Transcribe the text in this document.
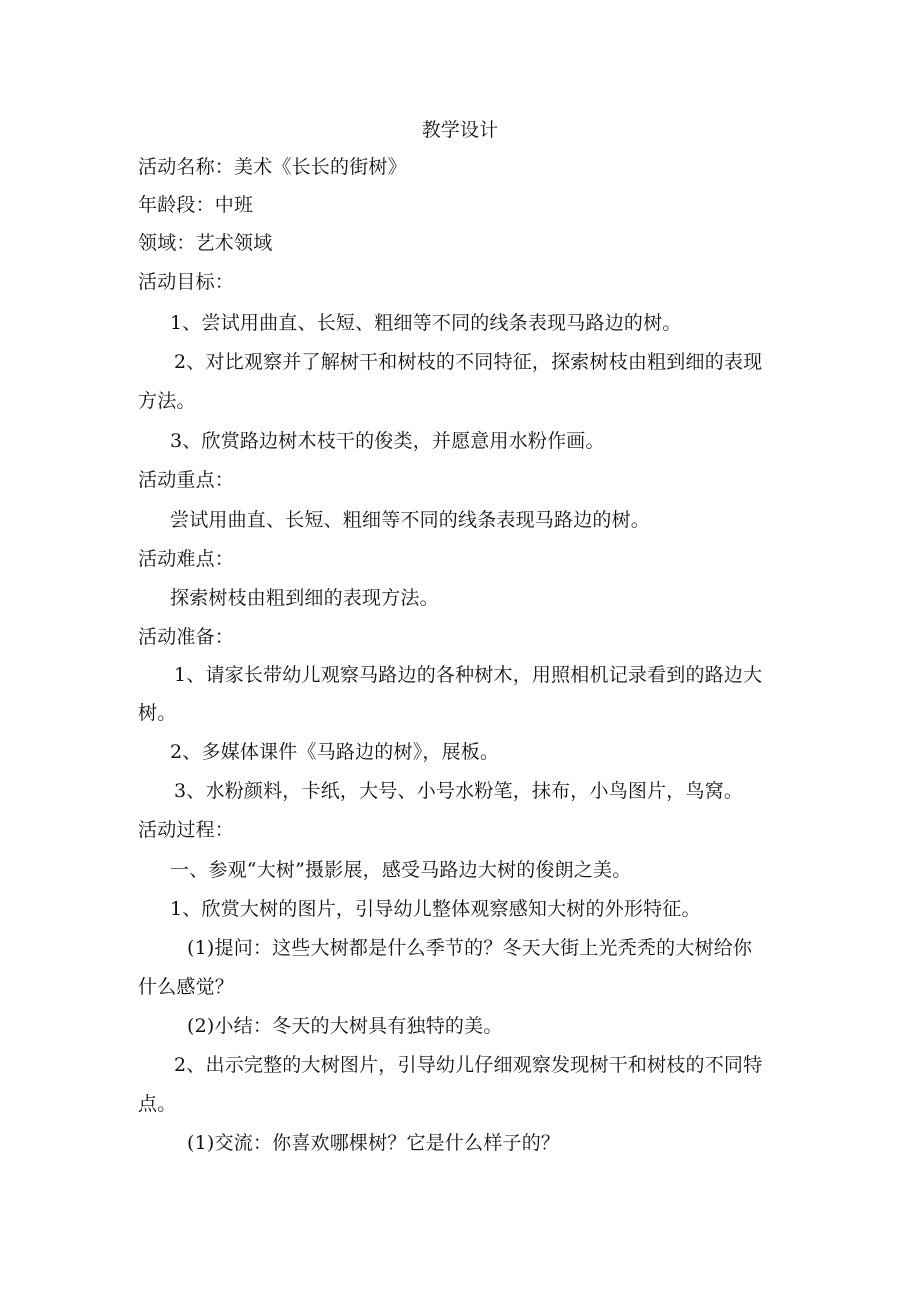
教学设计
活动名称：美术《长长的街树》
年龄段：中班
领域：艺术领域
活动目标：
1、尝试用曲直、长短、粗细等不同的线条表现马路边的树。
2、对比观察并了解树干和树枝的不同特征，探索树枝由粗到细的表现
方法。
3、欣赏路边树木枝干的俊类，并愿意用水粉作画。
活动重点：
尝试用曲直、长短、粗细等不同的线条表现马路边的树。
活动难点：
探索树枝由粗到细的表现方法。
活动准备：
1、请家长带幼儿观察马路边的各种树木，用照相机记录看到的路边大
树。
2、多媒体课件《马路边的树》，展板。
3、水粉颜料，卡纸，大号、小号水粉笔，抹布，小鸟图片，鸟窝。
活动过程：
一、参观“大树”摄影展，感受马路边大树的俊朗之美。
1、欣赏大树的图片，引导幼儿整体观察感知大树的外形特征。
(1)提问：这些大树都是什么季节的？冬天大街上光秃秃的大树给你
什么感觉？
(2)小结：冬天的大树具有独特的美。
2、出示完整的大树图片，引导幼儿仔细观察发现树干和树枝的不同特
点。
(1)交流：你喜欢哪棵树？它是什么样子的？
